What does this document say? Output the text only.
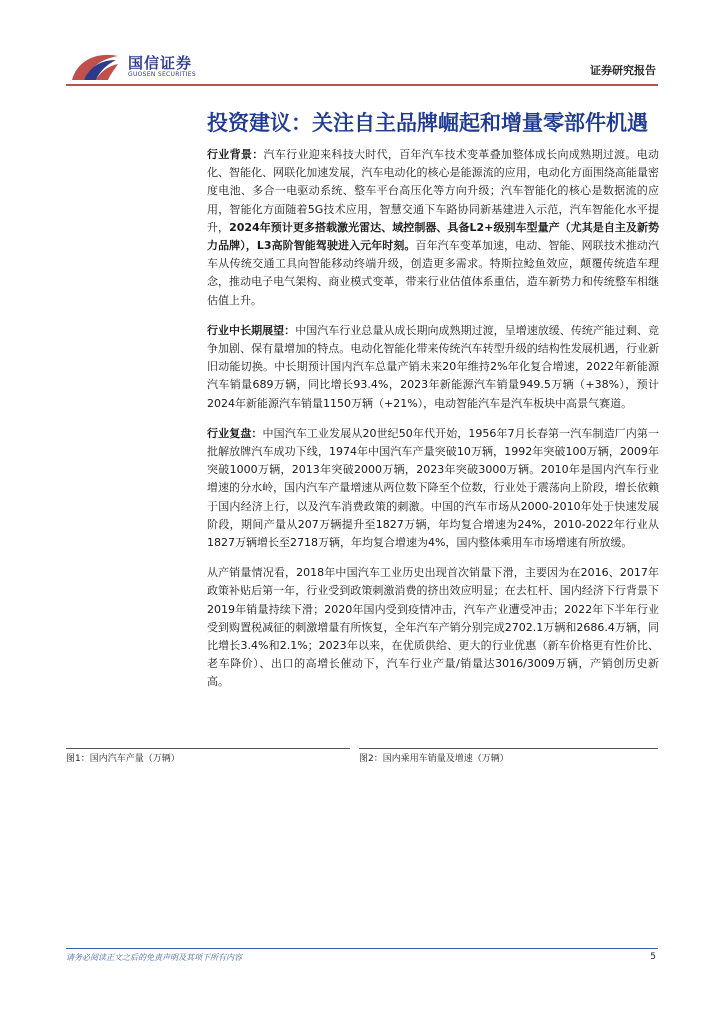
国信证券
GUOSEN SECURITIES	证券研究报告
投资建议：关注自主品牌崛起和增量零部件机遇

行业背景：汽车行业迎来科技大时代，百年汽车技术变革叠加整体成长向成熟期过渡。电动化、智能化、网联化加速发展，汽车电动化的核心是能源流的应用，电动化方面围绕高能量密度电池、多合一电驱动系统、整车平台高压化等方向升级；汽车智能化的核心是数据流的应用，智能化方面随着5G技术应用，智慧交通下车路协同新基建进入示范，汽车智能化水平提升，2024年预计更多搭载激光雷达、域控制器、具备L2+级别车型量产（尤其是自主及新势力品牌），L3高阶智能驾驶进入元年时刻。百年汽车变革加速，电动、智能、网联技术推动汽车从传统交通工具向智能移动终端升级，创造更多需求。特斯拉鲶鱼效应，颠覆传统造车理念，推动电子电气架构、商业模式变革，带来行业估值体系重估，造车新势力和传统整车相继估值上升。

行业中长期展望：中国汽车行业总量从成长期向成熟期过渡，呈增速放缓、传统产能过剩、竞争加剧、保有量增加的特点。电动化智能化带来传统汽车转型升级的结构性发展机遇，行业新旧动能切换。中长期预计国内汽车总量产销未来20年维持2%年化复合增速，2022年新能源汽车销量689万辆，同比增长93.4%，2023年新能源汽车销量949.5万辆（+38%），预计2024年新能源汽车销量1150万辆（+21%），电动智能汽车是汽车板块中高景气赛道。

行业复盘：中国汽车工业发展从20世纪50年代开始，1956年7月长春第一汽车制造厂内第一批解放牌汽车成功下线，1974年中国汽车产量突破10万辆，1992年突破100万辆，2009年突破1000万辆，2013年突破2000万辆，2023年突破3000万辆。2010年是国内汽车行业增速的分水岭，国内汽车产量增速从两位数下降至个位数，行业处于震荡向上阶段，增长依赖于国内经济上行，以及汽车消费政策的刺激。中国的汽车市场从2000-2010年处于快速发展阶段，期间产量从207万辆提升至1827万辆，年均复合增速为24%，2010-2022年行业从1827万辆增长至2718万辆，年均复合增速为4%，国内整体乘用车市场增速有所放缓。

从产销量情况看，2018年中国汽车工业历史出现首次销量下滑，主要因为在2016、2017年政策补贴后第一年，行业受到政策刺激消费的挤出效应明显；在去杠杆、国内经济下行背景下2019年销量持续下滑；2020年国内受到疫情冲击，汽车产业遭受冲击；2022年下半年行业受到购置税减征的刺激增量有所恢复，全年汽车产销分别完成2702.1万辆和2686.4万辆，同比增长3.4%和2.1%；2023年以来，在优质供给、更大的行业优惠（新车价格更有性价比、老车降价）、出口的高增长催动下，汽车行业产量/销量达3016/3009万辆，产销创历史新高。

图1：国内汽车产量（万辆）	图2：国内乘用车销量及增速（万辆）
请务必阅读正文之后的免责声明及其项下所有内容	5
